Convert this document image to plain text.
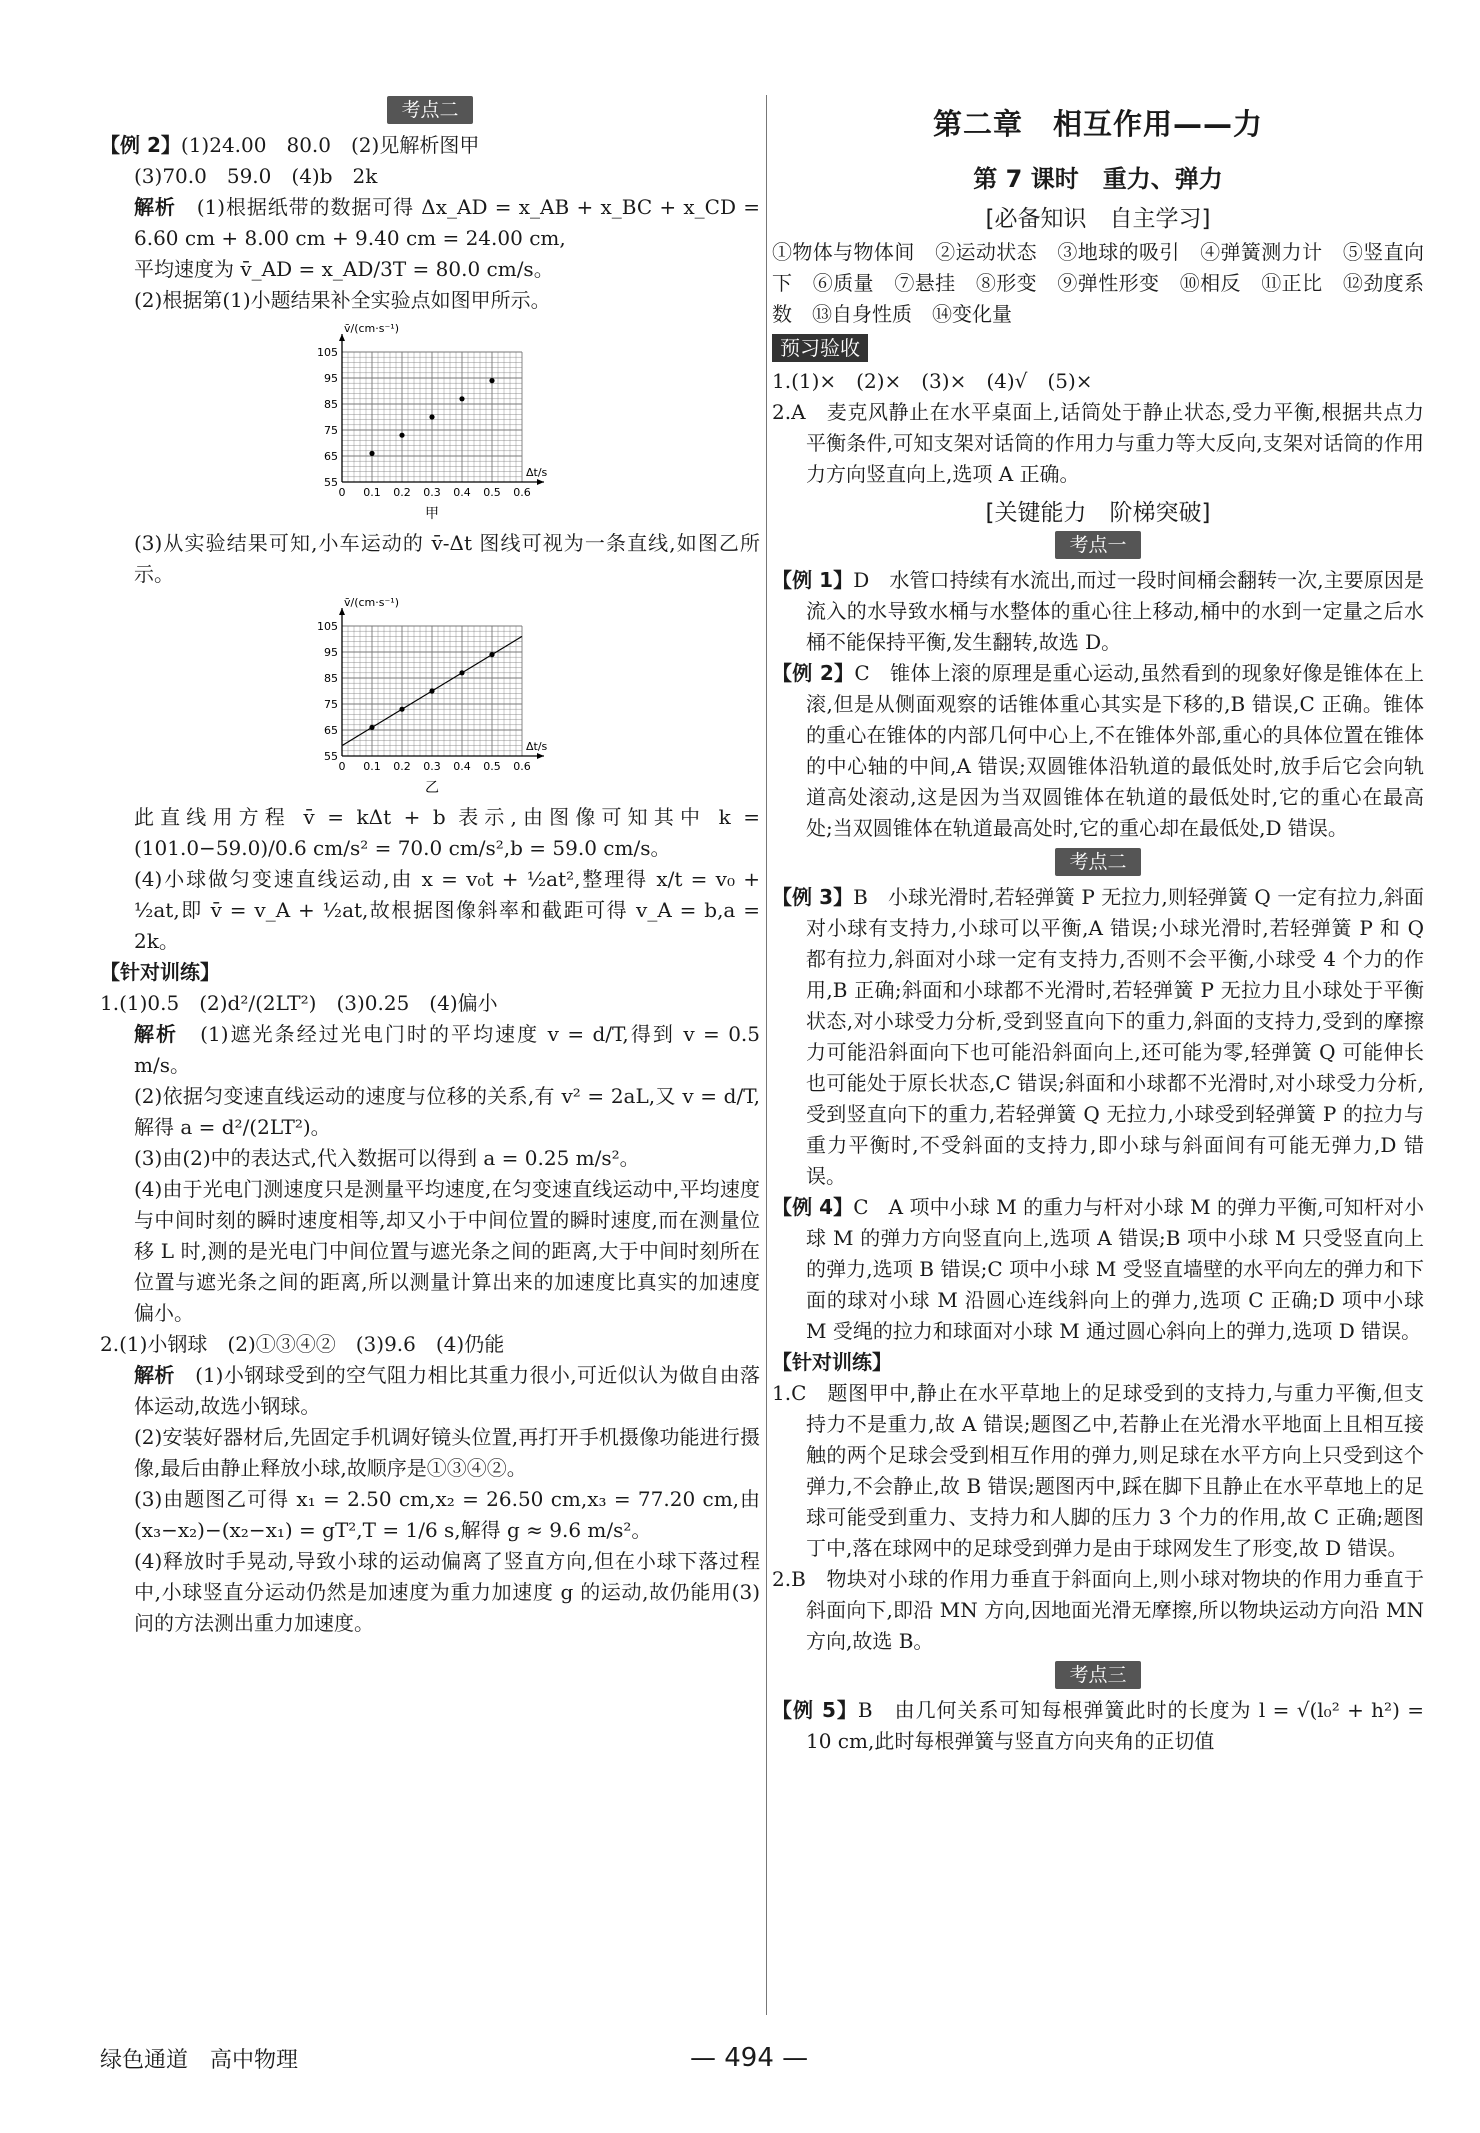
考点二

【例 2】(1)24.00　80.0　(2)见解析图甲

(3)70.0　59.0　(4)b　2k

解析　 (1)根据纸带的数据可得 Δx_AD = x_AB + x_BC + x_CD = 6.60 cm + 8.00 cm + 9.40 cm = 24.00 cm,

平均速度为 v̄_AD = x_AD/3T = 80.0 cm/s。

(2)根据第(1)小题结果补全实验点如图甲所示。

55
65
75
85
95
105
0 0.1 0.2 0.3 0.4 0.5 0.6
v̄/(cm·s⁻¹)
Δt/s
甲

(3)从实验结果可知,小车运动的 v̄-Δt 图线可视为一条直线,如图乙所示。

55
65
75
85
95
105
0 0.1 0.2 0.3 0.4 0.5 0.6
v̄/(cm·s⁻¹)
Δt/s
乙

此直线用方程 v̄ = kΔt + b 表示,由图像可知其中 k = (101.0−59.0)/0.6 cm/s² = 70.0 cm/s²,b = 59.0 cm/s。

(4)小球做匀变速直线运动,由 x = v₀t + ½at²,整理得 x/t = v₀ + ½at,即 v̄ = v_A + ½at,故根据图像斜率和截距可得 v_A = b,a = 2k。

【针对训练】

1.(1)0.5　(2)d²/(2LT²)　(3)0.25　(4)偏小

解析　 (1)遮光条经过光电门时的平均速度 v = d/T,得到 v = 0.5 m/s。

(2)依据匀变速直线运动的速度与位移的关系,有 v² = 2aL,又 v = d/T,解得 a = d²/(2LT²)。

(3)由(2)中的表达式,代入数据可以得到 a = 0.25 m/s²。

(4)由于光电门测速度只是测量平均速度,在匀变速直线运动中,平均速度与中间时刻的瞬时速度相等,却又小于中间位置的瞬时速度,而在测量位移 L 时,测的是光电门中间位置与遮光条之间的距离,大于中间时刻所在位置与遮光条之间的距离,所以测量计算出来的加速度比真实的加速度偏小。

2.(1)小钢球　(2)①③④②　(3)9.6　(4)仍能

解析　 (1)小钢球受到的空气阻力相比其重力很小,可近似认为做自由落体运动,故选小钢球。

(2)安装好器材后,先固定手机调好镜头位置,再打开手机摄像功能进行摄像,最后由静止释放小球,故顺序是①③④②。

(3)由题图乙可得 x₁ = 2.50 cm,x₂ = 26.50 cm,x₃ = 77.20 cm,由(x₃−x₂)−(x₂−x₁) = gT²,T = 1/6 s,解得 g ≈ 9.6 m/s²。

(4)释放时手晃动,导致小球的运动偏离了竖直方向,但在小球下落过程中,小球竖直分运动仍然是加速度为重力加速度 g 的运动,故仍能用(3)问的方法测出重力加速度。

第二章　相互作用——力
第 7 课时　重力、弹力
[必备知识　自主学习]

①物体与物体间　②运动状态　③地球的吸引　④弹簧测力计　⑤竖直向下　⑥质量　⑦悬挂　⑧形变　⑨弹性形变　⑩相反　⑪正比　⑫劲度系数　⑬自身性质　⑭变化量

预习验收

1.(1)×　(2)×　(3)×　(4)√　(5)×

2.A　麦克风静止在水平桌面上,话筒处于静止状态,受力平衡,根据共点力平衡条件,可知支架对话筒的作用力与重力等大反向,支架对话筒的作用力方向竖直向上,选项 A 正确。

[关键能力　阶梯突破]
考点一

【例 1】D　水管口持续有水流出,而过一段时间桶会翻转一次,主要原因是流入的水导致水桶与水整体的重心往上移动,桶中的水到一定量之后水桶不能保持平衡,发生翻转,故选 D。

【例 2】C　锥体上滚的原理是重心运动,虽然看到的现象好像是锥体在上滚,但是从侧面观察的话锥体重心其实是下移的,B 错误,C 正确。锥体的重心在锥体的内部几何中心上,不在锥体外部,重心的具体位置在锥体的中心轴的中间,A 错误;双圆锥体沿轨道的最低处时,放手后它会向轨道高处滚动,这是因为当双圆锥体在轨道的最低处时,它的重心在最高处;当双圆锥体在轨道最高处时,它的重心却在最低处,D 错误。

考点二

【例 3】B　小球光滑时,若轻弹簧 P 无拉力,则轻弹簧 Q 一定有拉力,斜面对小球有支持力,小球可以平衡,A 错误;小球光滑时,若轻弹簧 P 和 Q 都有拉力,斜面对小球一定有支持力,否则不会平衡,小球受 4 个力的作用,B 正确;斜面和小球都不光滑时,若轻弹簧 P 无拉力且小球处于平衡状态,对小球受力分析,受到竖直向下的重力,斜面的支持力,受到的摩擦力可能沿斜面向下也可能沿斜面向上,还可能为零,轻弹簧 Q 可能伸长也可能处于原长状态,C 错误;斜面和小球都不光滑时,对小球受力分析,受到竖直向下的重力,若轻弹簧 Q 无拉力,小球受到轻弹簧 P 的拉力与重力平衡时,不受斜面的支持力,即小球与斜面间有可能无弹力,D 错误。

【例 4】C　A 项中小球 M 的重力与杆对小球 M 的弹力平衡,可知杆对小球 M 的弹力方向竖直向上,选项 A 错误;B 项中小球 M 只受竖直向上的弹力,选项 B 错误;C 项中小球 M 受竖直墙壁的水平向左的弹力和下面的球对小球 M 沿圆心连线斜向上的弹力,选项 C 正确;D 项中小球 M 受绳的拉力和球面对小球 M 通过圆心斜向上的弹力,选项 D 错误。

【针对训练】

1.C　题图甲中,静止在水平草地上的足球受到的支持力,与重力平衡,但支持力不是重力,故 A 错误;题图乙中,若静止在光滑水平地面上且相互接触的两个足球会受到相互作用的弹力,则足球在水平方向上只受到这个弹力,不会静止,故 B 错误;题图丙中,踩在脚下且静止在水平草地上的足球可能受到重力、支持力和人脚的压力 3 个力的作用,故 C 正确;题图丁中,落在球网中的足球受到弹力是由于球网发生了形变,故 D 错误。

2.B　物块对小球的作用力垂直于斜面向上,则小球对物块的作用力垂直于斜面向下,即沿 MN 方向,因地面光滑无摩擦,所以物块运动方向沿 MN 方向,故选 B。

考点三

【例 5】B　由几何关系可知每根弹簧此时的长度为 l = √(l₀² + h²) = 10 cm,此时每根弹簧与竖直方向夹角的正切值

绿色通道　高中物理	— 494 —
